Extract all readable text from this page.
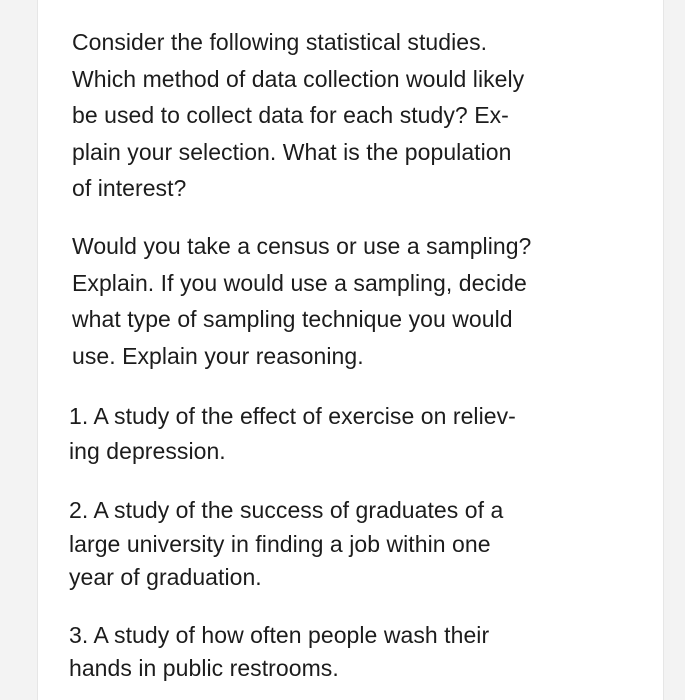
Consider the following statistical studies.
Which method of data collection would likely
be used to collect data for each study? Ex-
plain your selection. What is the population
of interest?

Would you take a census or use a sampling?
Explain. If you would use a sampling, decide
what type of sampling technique you would
use. Explain your reasoning.

1. A study of the effect of exercise on reliev-
ing depression.

2. A study of the success of graduates of a
large university in finding a job within one
year of graduation.

3. A study of how often people wash their
hands in public restrooms.
